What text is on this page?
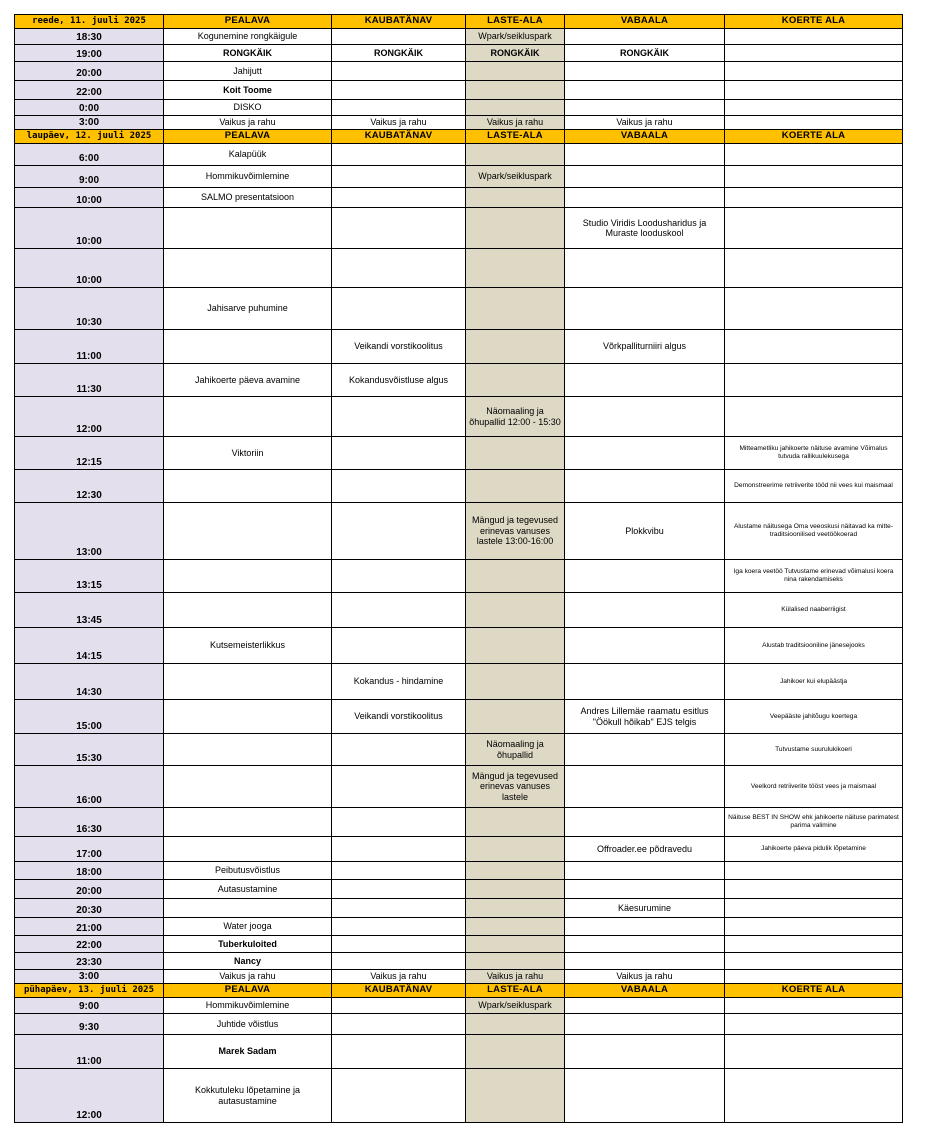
reede, 11. juuli 2025	PEALAVA	KAUBATÄNAV	LASTE-ALA	VABAALA	KOERTE ALA
18:30	Kogunemine rongkäigule		Wpark/seikluspark		
19:00	RONGKÄIK	RONGKÄIK	RONGKÄIK	RONGKÄIK	
20:00	Jahijutt				
22:00	Koit Toome				
0:00	DISKO				
3:00	Vaikus ja rahu	Vaikus ja rahu	Vaikus ja rahu	Vaikus ja rahu	
laupäev, 12. juuli 2025	PEALAVA	KAUBATÄNAV	LASTE-ALA	VABAALA	KOERTE ALA
6:00	Kalapüük				
9:00	Hommikuvõimlemine		Wpark/seikluspark		
10:00	SALMO presentatsioon				
10:00				Studio Viridis Loodusharidus ja Muraste looduskool	
10:00					
10:30	Jahisarve puhumine				
11:00		Veikandi vorstikoolitus		Võrkpalliturniiri algus	
11:30	Jahikoerte päeva avamine	Kokandusvõistluse algus			
12:00			Näomaaling ja õhupallid 12:00 - 15:30		
12:15	Viktoriin				Mitteametliku jahikoerte näituse avamine Võimalus tutvuda rallikuulekusega
12:30					Demonstreerime retriiverite tööd nii vees kui maismaal
13:00			Mängud ja tegevused erinevas vanuses lastele 13:00-16:00	Plokkvibu	Alustame näitusega Oma veeoskusi näitavad ka mitte-traditsioonilised veetöökoerad
13:15					Iga koera veetöö Tutvustame erinevad võimalusi koera nina rakendamiseks
13:45					Külalised naaberriigist
14:15	Kutsemeisterlikkus				Alustab traditsiooniline jänesejooks
14:30		Kokandus - hindamine			Jahikoer kui elupäästja
15:00		Veikandi vorstikoolitus		Andres Lillemäe raamatu esitlus "Öökull hõikab" EJS telgis	Veepääste jahitõugu koertega
15:30			Näomaaling ja õhupallid		Tutvustame suurulukikoeri
16:00			Mängud ja tegevused erinevas vanuses lastele		Veelkord retriiverite tööst vees ja maismaal
16:30					Näituse BEST IN SHOW ehk jahikoerte näituse parimatest parima valimine
17:00				Offroader.ee põdravedu	Jahikoerte päeva pidulik lõpetamine
18:00	Peibutusvõistlus				
20:00	Autasustamine				
20:30				Käesurumine	
21:00	Water jooga				
22:00	Tuberkuloited				
23:30	Nancy				
3:00	Vaikus ja rahu	Vaikus ja rahu	Vaikus ja rahu	Vaikus ja rahu	
pühapäev, 13. juuli 2025	PEALAVA	KAUBATÄNAV	LASTE-ALA	VABAALA	KOERTE ALA
9:00	Hommikuvõimlemine		Wpark/seikluspark		
9:30	Juhtide võistlus				
11:00	Marek Sadam				
12:00	Kokkutuleku lõpetamine ja autasustamine				
